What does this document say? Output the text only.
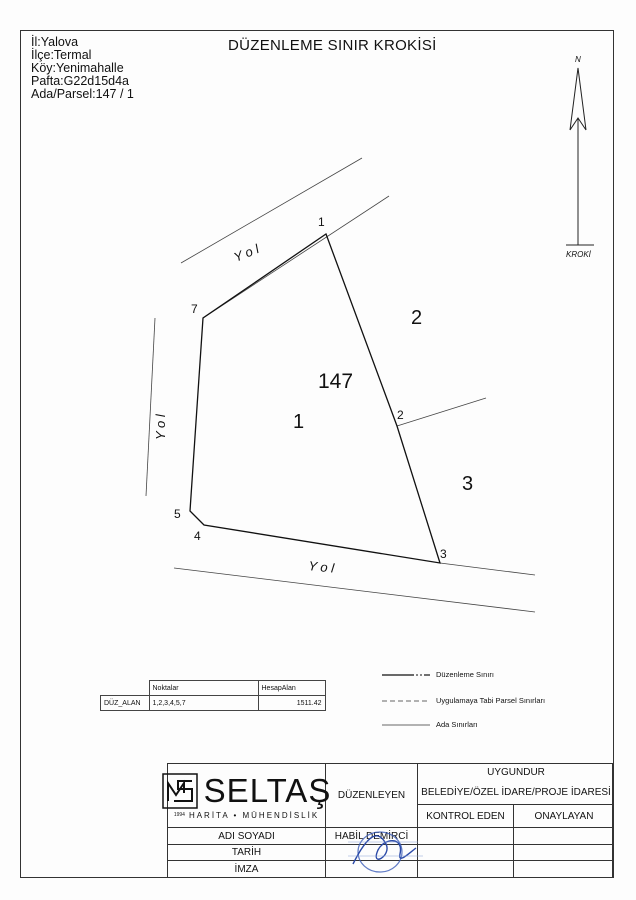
İl:Yalova
İlçe:Termal
Köy:Yenimahalle
Pafta:G22d15d4a
Ada/Parsel:147 / 1
DÜZENLEME SINIR KROKİSİ
N
KROKİ
Y o l
Y o l
Y o l
147
1
2
3
1
2
3
4
5
7
	Noktalar	HesapAlan
DÜZ_ALAN	1,2,3,4,5,7	1511.42
Düzenleme Sınırı
Uygulamaya Tabi Parsel Sınırları
Ada Sınırları
SELTAŞ
1994 HARİTA • MÜHENDİSLİK
DÜZENLEYEN
UYGUNDUR
BELEDİYE/ÖZEL İDARE/PROJE İDARESİ
KONTROL EDEN	ONAYLAYAN
ADI SOYADI	HABİL DEMİRCİ
TARİH
İMZA
